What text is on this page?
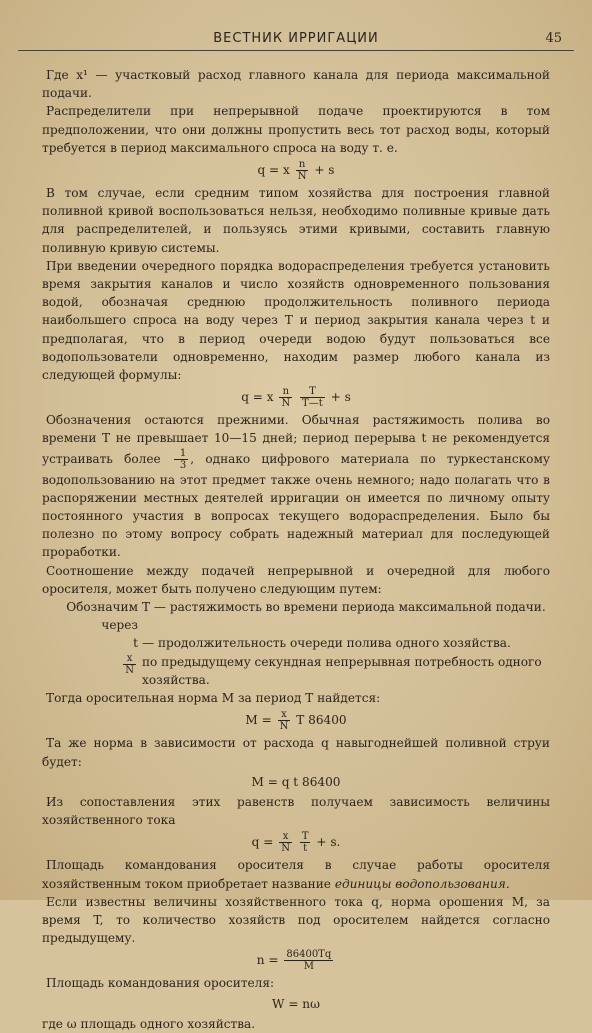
ВЕСТНИК ИРРИГАЦИИ	45

Где x¹ — участковый расход главного канала для периода максимальной подачи.

Распределители при непрерывной подаче проектируются в том предположении, что они должны пропустить весь тот расход воды, который требуется в период максимального спроса на воду т. е.

q = x $\frac{n}{N} + s$

В том случае, если средним типом хозяйства для построения главной поливной кривой воспользоваться нельзя, необходимо поливные кривые дать для распределителей, и пользуясь этими кривыми, составить главную поливную кривую системы.

При введении очередного порядка водораспределения требуется установить время закрытия каналов и число хозяйств одновременного пользования водой, обозначая среднюю продолжительность поливного периода наибольшего спроса на воду через T и период закрытия канала через t и предполагая, что в период очереди водою будут пользоваться все водопользователи одновременно, находим размер любого канала из следующей формулы:

q = x $\frac{n}{N}$
$\frac{T}{T—t} + s$

Обозначения остаются прежними. Обычная растяжимость полива во времени T не превышает 10—15 дней; период перерыва t не рекомендуется устраивать более $\frac{1}{3}$ , однако цифрового материала по туркестанскому водопользованию на этот предмет также очень немного; надо полагать что в распоряжении местных деятелей ирригации он имеется по личному опыту постоянного участия в вопросах текущего водораспределения. Было бы полезно по этому вопросу собрать надежный материал для последующей проработки.

Соотношение между подачей непрерывной и очередной для любого оросителя, может быть получено следующим путем:

Обозначим через
T — растяжимость во времени периода максимальной подачи.
t — продолжительность очереди полива одного хозяйства.
$\frac{x}{N}$ по предыдущему секундная непрерывная потребность одного хозяйства.

Тогда оросительная норма M за период T найдется:

$M = \frac{x}{N}$ T 86400

Та же норма в зависимости от расхода q навыгоднейшей поливной струи будет:

M = q t 86400

Из сопоставления этих равенств получаем зависимость величины хозяйственного тока

$q = \frac{x}{N}$
$\frac{T}{t} + s$.

Площадь командования оросителя в случае работы оросителя хозяйственным током приобретает название единицы водопользования.

Если известны величины хозяйственного тока q, норма орошения M, за время T, то количество хозяйств под оросителем найдется согласно предыдущему.

$n = \frac{86400Tq}{M}$

Площадь командования оросителя:

W = nω

где ω площадь одного хозяйства.
